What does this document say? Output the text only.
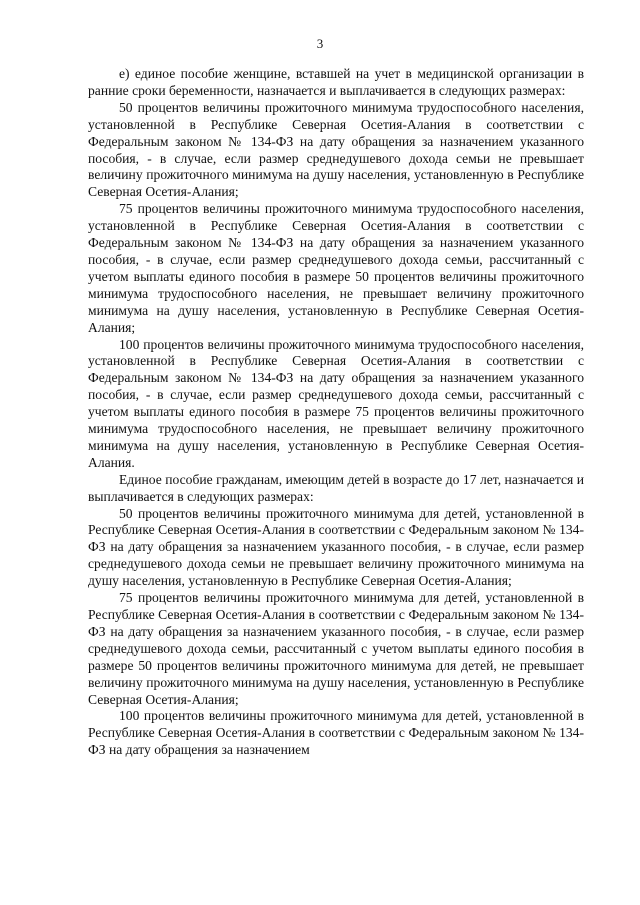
3

е) единое пособие женщине, вставшей на учет в медицинской организации в ранние сроки беременности, назначается и выплачивается в следующих размерах:

50 процентов величины прожиточного минимума трудоспособного населения, установленной в Республике Северная Осетия-Алания в соответствии с Федеральным законом № 134-ФЗ на дату обращения за назначением указанного пособия, - в случае, если размер среднедушевого дохода семьи не превышает величину прожиточного минимума на душу населения, установленную в Республике Северная Осетия-Алания;

75 процентов величины прожиточного минимума трудоспособного населения, установленной в Республике Северная Осетия-Алания в соответствии с Федеральным законом № 134-ФЗ на дату обращения за назначением указанного пособия, - в случае, если размер среднедушевого дохода семьи, рассчитанный с учетом выплаты единого пособия в размере 50 процентов величины прожиточного минимума трудоспособного населения, не превышает величину прожиточного минимума на душу населения, установленную в Республике Северная Осетия-Алания;

100 процентов величины прожиточного минимума трудоспособного населения, установленной в Республике Северная Осетия-Алания в соответствии с Федеральным законом № 134-ФЗ на дату обращения за назначением указанного пособия, - в случае, если размер среднедушевого дохода семьи, рассчитанный с учетом выплаты единого пособия в размере 75 процентов величины прожиточного минимума трудоспособного населения, не превышает величину прожиточного минимума на душу населения, установленную в Республике Северная Осетия-Алания.

Единое пособие гражданам, имеющим детей в возрасте до 17 лет, назначается и выплачивается в следующих размерах:

50 процентов величины прожиточного минимума для детей, установленной в Республике Северная Осетия-Алания в соответствии с Федеральным законом № 134-ФЗ на дату обращения за назначением указанного пособия, - в случае, если размер среднедушевого дохода семьи не превышает величину прожиточного минимума на душу населения, установленную в Республике Северная Осетия-Алания;

75 процентов величины прожиточного минимума для детей, установленной в Республике Северная Осетия-Алания в соответствии с Федеральным законом № 134-ФЗ на дату обращения за назначением указанного пособия, - в случае, если размер среднедушевого дохода семьи, рассчитанный с учетом выплаты единого пособия в размере 50 процентов величины прожиточного минимума для детей, не превышает величину прожиточного минимума на душу населения, установленную в Республике Северная Осетия-Алания;

100 процентов величины прожиточного минимума для детей, установленной в Республике Северная Осетия-Алания в соответствии с Федеральным законом № 134-ФЗ на дату обращения за назначением
